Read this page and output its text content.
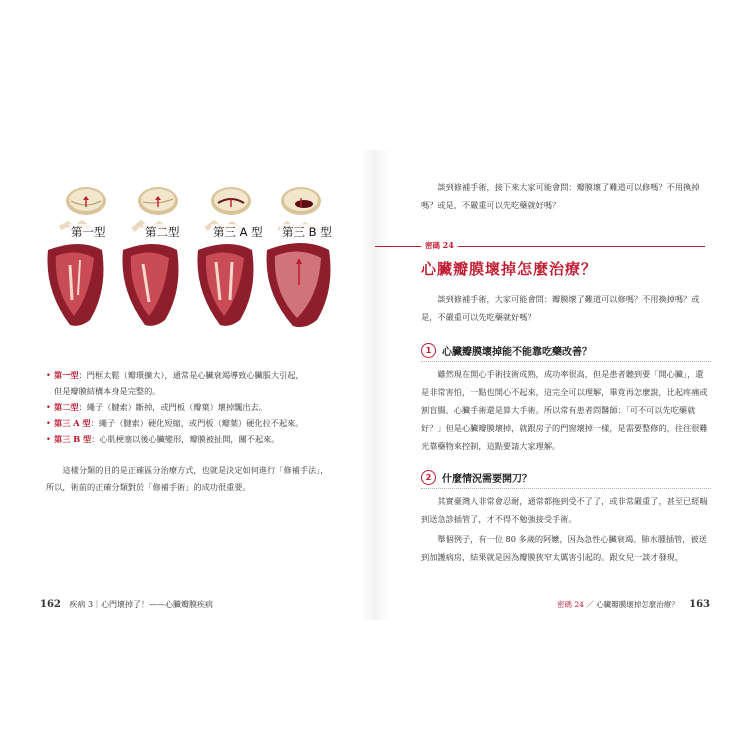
第一型	第二型	第三 A 型 第三 B 型
• 第一型：門框太鬆（瓣環擴大），通常是心臟衰竭導致心臟脹大引起，
但是瓣膜結構本身是完整的。
• 第二型：繩子（腱索）斷掉，或門板（瓣葉）壞掉飄出去。
• 第三 A 型：繩子（腱索）硬化短縮，或門板（瓣葉）硬化拉不起來。
• 第三 B 型：心肌梗塞以後心臟變形，瓣膜被扯開，關不起來。
這樣分類的目的是正確區分治療方式，也就是決定如何進行「修補手法」，所以，術前的正確分類對於「修補手術」的成功很重要。
162 疾病 3｜心門壞掉了！——心臟瓣膜疾病
談到修補手術，接下來大家可能會問：瓣膜壞了難道可以修嗎？不用換掉嗎？或是，不嚴重可以先吃藥就好嗎？
密碼 24
心臟瓣膜壞掉怎麼治療？
談到修補手術，大家可能會問：瓣膜壞了難道可以修嗎？不用換掉嗎？或是，不嚴重可以先吃藥就好嗎？
1	心臟瓣膜壞掉能不能靠吃藥改善？
雖然現在開心手術技術成熟，成功率很高，但是患者聽到要「開心臟」，還是非常害怕，一點也開心不起來，這完全可以理解，畢竟再怎麼說，比起疼痛或割盲腸，心臟手術還是算大手術。所以常有患者問醫師：「可不可以先吃藥就好？」但是心臟瓣膜壞掉，就跟房子的門窗壞掉一樣，是需要整修的，往往很難光靠藥物來控制，這點要請大家理解。
2	什麼情況需要開刀？
其實臺灣人非常會忍耐，通常都拖到受不了了，或非常嚴重了，甚至已經喘到送急診插管了，才不得不勉強接受手術。
舉個例子，有一位 80 多歲的阿嬤，因為急性心臟衰竭、肺水腫插管，被送到加護病房，結果就是因為瓣膜狹窄太厲害引起的。跟女兒一談才發現，
密碼 24 ／ 心臟瓣膜壞掉怎麼治療？ 163
